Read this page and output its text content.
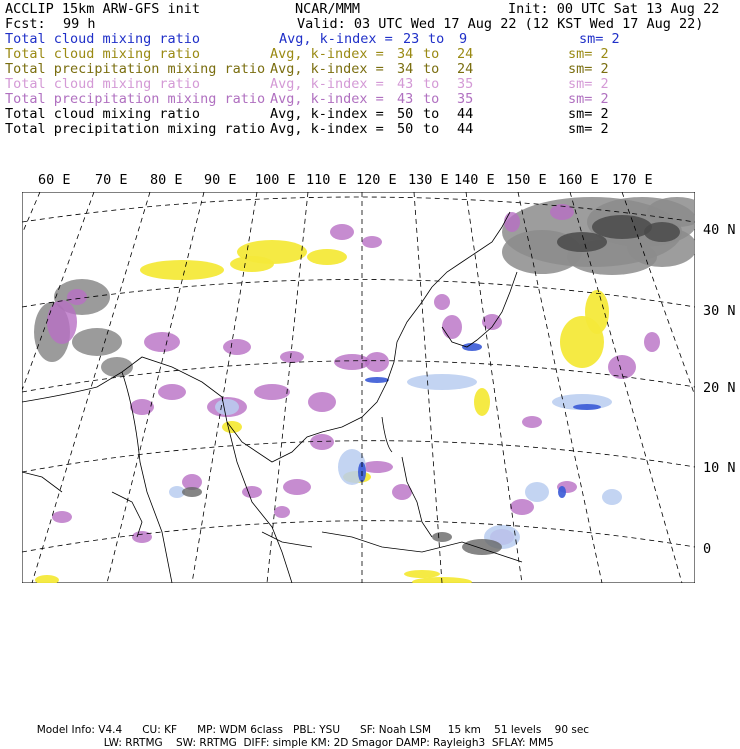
ACCLIP 15km ARW-GFS init	NCAR/MMM	Init: 00 UTC Sat 13 Aug 22
Fcst: 99 h	Valid: 03 UTC Wed 17 Aug 22 (12 KST Wed 17 Aug 22)
Total cloud mixing ratio	Avg, k-index = 23 to 9	sm= 2
Total cloud mixing ratio	Avg, k-index = 34 to 24	sm= 2
Total precipitation mixing ratio Avg, k-index = 34 to 24	sm= 2
Total cloud mixing ratio	Avg, k-index = 43 to 35	sm= 2
Total precipitation mixing ratio Avg, k-index = 43 to 35	sm= 2
Total cloud mixing ratio	Avg, k-index = 50 to 44	sm= 2
Total precipitation mixing ratio Avg, k-index = 50 to 44	sm= 2
60 E 70 E 80 E 90 E 100 E 110 E 120 E 130 E 140 E 150 E 160 E 170 E
40 N
30 N
20 N
10 N
0

Model Info: V4.4 CU: KF MP: WDM 6class PBL: YSU SF: Noah LSM 15 km 51 levels 90 sec

LW: RRTMG SW: RRTMG DIFF: simple KM: 2D Smagor DAMP: Rayleigh3 SFLAY: MM5
